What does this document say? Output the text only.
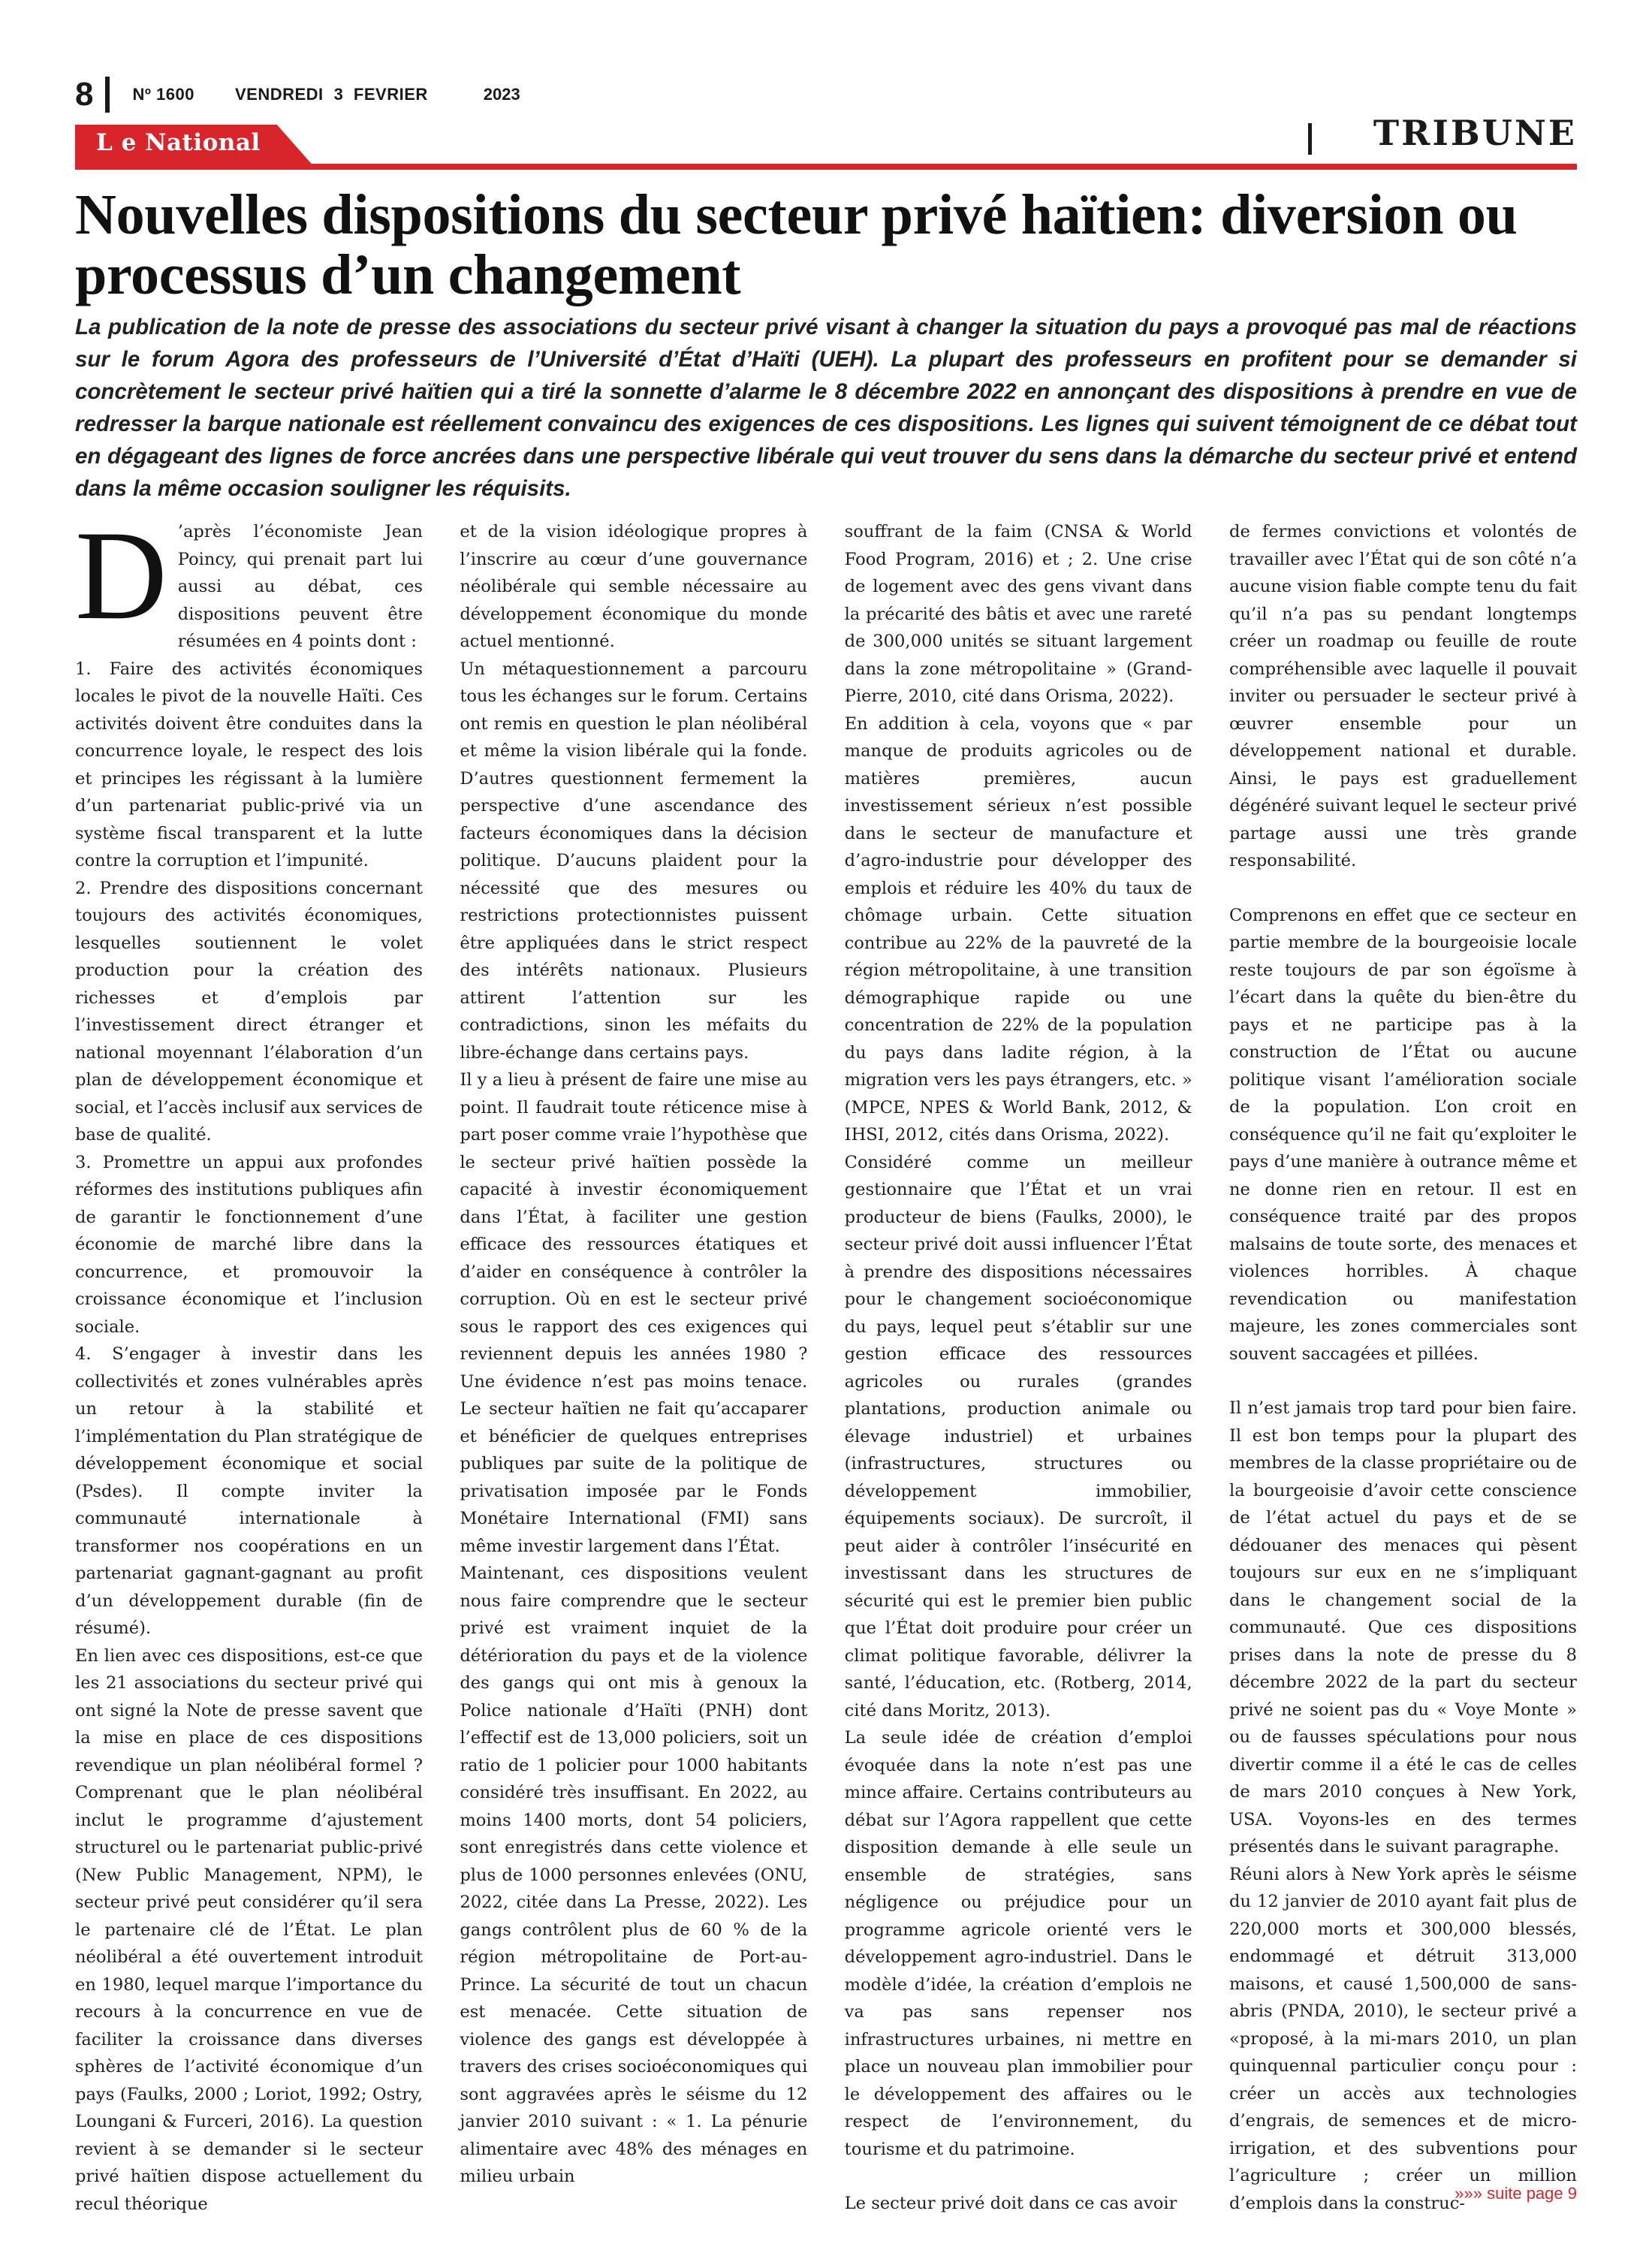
8 Nº 1600 VENDREDI 3 FEVRIER	2023
L e National	TRIBUNE
Nouvelles dispositions du secteur privé haïtien: diversion ou processus d’un changement

La publication de la note de presse des associations du secteur privé visant à changer la situation du pays a provoqué pas mal de réactions sur le forum Agora des professeurs de l’Université d’État d’Haïti (UEH). La plupart des professeurs en profitent pour se demander si concrètement le secteur privé haïtien qui a tiré la sonnette d’alarme le 8 décembre 2022 en annonçant des dispositions à prendre en vue de redresser la barque nationale est réellement convaincu des exigences de ces dispositions. Les lignes qui suivent témoignent de ce débat tout en dégageant des lignes de force ancrées dans une perspective libérale qui veut trouver du sens dans la démarche du secteur privé et entend dans la même occasion souligner les réquisits.

D ’après l’économiste Jean Poincy, qui prenait part lui aussi au débat, ces dispositions peuvent être résumées en 4 points dont :

1. Faire des activités économiques locales le pivot de la nouvelle Haïti. Ces activités doivent être conduites dans la concurrence loyale, le respect des lois et principes les régissant à la lumière d’un partenariat public-privé via un système fiscal transparent et la lutte contre la corruption et l’impunité.

2. Prendre des dispositions concernant toujours des activités économiques, lesquelles soutiennent le volet production pour la création des richesses et d’emplois par l’investissement direct étranger et national moyennant l’élaboration d’un plan de développement économique et social, et l’accès inclusif aux services de base de qualité.

3. Promettre un appui aux profondes réformes des institutions publiques afin de garantir le fonctionnement d’une économie de marché libre dans la concurrence, et promouvoir la croissance économique et l’inclusion sociale.

4. S’engager à investir dans les collectivités et zones vulnérables après un retour à la stabilité et l’implémentation du Plan stratégique de développement économique et social (Psdes). Il compte inviter la communauté internationale à transformer nos coopérations en un partenariat gagnant-gagnant au profit d’un développement durable (fin de résumé).

En lien avec ces dispositions, est-ce que les 21 associations du secteur privé qui ont signé la Note de presse savent que la mise en place de ces dispositions revendique un plan néolibéral formel ? Comprenant que le plan néolibéral inclut le programme d’ajustement structurel ou le partenariat public-privé (New Public Management, NPM), le secteur privé peut considérer qu’il sera le partenaire clé de l’État. Le plan néolibéral a été ouvertement introduit en 1980, lequel marque l’importance du recours à la concurrence en vue de faciliter la croissance dans diverses sphères de l’activité économique d’un pays (Faulks, 2000 ; Loriot, 1992; Ostry, Loungani & Furceri, 2016). La question revient à se demander si le secteur privé haïtien dispose actuellement du recul théorique

et de la vision idéologique propres à l’inscrire au cœur d’une gouvernance néolibérale qui semble nécessaire au développement économique du monde actuel mentionné.

Un métaquestionnement a parcouru tous les échanges sur le forum. Certains ont remis en question le plan néolibéral et même la vision libérale qui la fonde. D’autres questionnent fermement la perspective d’une ascendance des facteurs économiques dans la décision politique. D’aucuns plaident pour la nécessité que des mesures ou restrictions protectionnistes puissent être appliquées dans le strict respect des intérêts nationaux. Plusieurs attirent l’attention sur les contradictions, sinon les méfaits du libre-échange dans certains pays.

Il y a lieu à présent de faire une mise au point. Il faudrait toute réticence mise à part poser comme vraie l’hypothèse que le secteur privé haïtien possède la capacité à investir économiquement dans l’État, à faciliter une gestion efficace des ressources étatiques et d’aider en conséquence à contrôler la corruption. Où en est le secteur privé sous le rapport des ces exigences qui reviennent depuis les années 1980 ? Une évidence n’est pas moins tenace. Le secteur haïtien ne fait qu’accaparer et bénéficier de quelques entreprises publiques par suite de la politique de privatisation imposée par le Fonds Monétaire International (FMI) sans même investir largement dans l’État.

Maintenant, ces dispositions veulent nous faire comprendre que le secteur privé est vraiment inquiet de la détérioration du pays et de la violence des gangs qui ont mis à genoux la Police nationale d’Haïti (PNH) dont l’effectif est de 13,000 policiers, soit un ratio de 1 policier pour 1000 habitants considéré très insuffisant. En 2022, au moins 1400 morts, dont 54 policiers, sont enregistrés dans cette violence et plus de 1000 personnes enlevées (ONU, 2022, citée dans La Presse, 2022). Les gangs contrôlent plus de 60 % de la région métropolitaine de Port-au-Prince. La sécurité de tout un chacun est menacée. Cette situation de violence des gangs est développée à travers des crises socioéconomiques qui sont aggravées après le séisme du 12 janvier 2010 suivant : « 1. La pénurie alimentaire avec 48% des ménages en milieu urbain

souffrant de la faim (CNSA & World Food Program, 2016) et ; 2. Une crise de logement avec des gens vivant dans la précarité des bâtis et avec une rareté de 300,000 unités se situant largement dans la zone métropolitaine » (Grand-Pierre, 2010, cité dans Orisma, 2022).

En addition à cela, voyons que « par manque de produits agricoles ou de matières premières, aucun investissement sérieux n’est possible dans le secteur de manufacture et d’agro-industrie pour développer des emplois et réduire les 40% du taux de chômage urbain. Cette situation contribue au 22% de la pauvreté de la région métropolitaine, à une transition démographique rapide ou une concentration de 22% de la population du pays dans ladite région, à la migration vers les pays étrangers, etc. » (MPCE, NPES & World Bank, 2012, & IHSI, 2012, cités dans Orisma, 2022).

Considéré comme un meilleur gestionnaire que l’État et un vrai producteur de biens (Faulks, 2000), le secteur privé doit aussi influencer l’État à prendre des dispositions nécessaires pour le changement socioéconomique du pays, lequel peut s’établir sur une gestion efficace des ressources agricoles ou rurales (grandes plantations, production animale ou élevage industriel) et urbaines (infrastructures, structures ou développement immobilier, équipements sociaux). De surcroît, il peut aider à contrôler l’insécurité en investissant dans les structures de sécurité qui est le premier bien public que l’État doit produire pour créer un climat politique favorable, délivrer la santé, l’éducation, etc. (Rotberg, 2014, cité dans Moritz, 2013).

La seule idée de création d’emploi évoquée dans la note n’est pas une mince affaire. Certains contributeurs au débat sur l’Agora rappellent que cette disposition demande à elle seule un ensemble de stratégies, sans négligence ou préjudice pour un programme agricole orienté vers le développement agro-industriel. Dans le modèle d’idée, la création d’emplois ne va pas sans repenser nos infrastructures urbaines, ni mettre en place un nouveau plan immobilier pour le développement des affaires ou le respect de l’environnement, du tourisme et du patrimoine.

Le secteur privé doit dans ce cas avoir

de fermes convictions et volontés de travailler avec l’État qui de son côté n’a aucune vision fiable compte tenu du fait qu’il n’a pas su pendant longtemps créer un roadmap ou feuille de route compréhensible avec laquelle il pouvait inviter ou persuader le secteur privé à œuvrer ensemble pour un développement national et durable. Ainsi, le pays est graduellement dégénéré suivant lequel le secteur privé partage aussi une très grande responsabilité.

Comprenons en effet que ce secteur en partie membre de la bourgeoisie locale reste toujours de par son égoïsme à l’écart dans la quête du bien-être du pays et ne participe pas à la construction de l’État ou aucune politique visant l’amélioration sociale de la population. L’on croit en conséquence qu’il ne fait qu’exploiter le pays d’une manière à outrance même et ne donne rien en retour. Il est en conséquence traité par des propos malsains de toute sorte, des menaces et violences horribles. À chaque revendication ou manifestation majeure, les zones commerciales sont souvent saccagées et pillées.

Il n’est jamais trop tard pour bien faire. Il est bon temps pour la plupart des membres de la classe propriétaire ou de la bourgeoisie d’avoir cette conscience de l’état actuel du pays et de se dédouaner des menaces qui pèsent toujours sur eux en ne s’impliquant dans le changement social de la communauté. Que ces dispositions prises dans la note de presse du 8 décembre 2022 de la part du secteur privé ne soient pas du « Voye Monte » ou de fausses spéculations pour nous divertir comme il a été le cas de celles de mars 2010 conçues à New York, USA. Voyons-les en des termes présentés dans le suivant paragraphe.

Réuni alors à New York après le séisme du 12 janvier de 2010 ayant fait plus de 220,000 morts et 300,000 blessés, endommagé et détruit 313,000 maisons, et causé 1,500,000 de sans-abris (PNDA, 2010), le secteur privé a «proposé, à la mi-mars 2010, un plan quinquennal particulier conçu pour : créer un accès aux technologies d’engrais, de semences et de micro-irrigation, et des subventions pour l’agriculture ; créer un million d’emplois dans la construc-

»»» suite page 9
